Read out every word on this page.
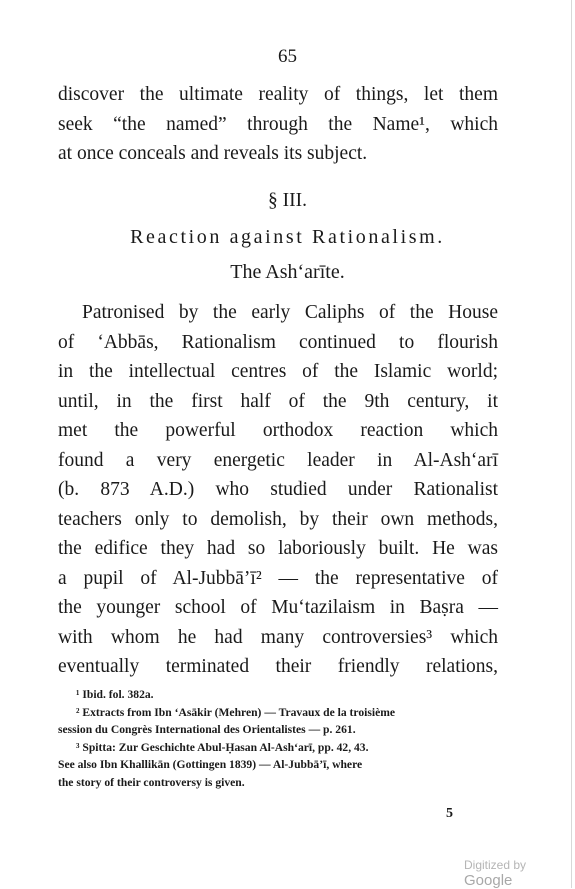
65

discover the ultimate reality of things, let them
seek “the named” through the Name¹, which
at once conceals and reveals its subject.

§ III.
Reaction against Rationalism.
The Ash‘arīte.

Patronised by the early Caliphs of the House
of ‘Abbās, Rationalism continued to flourish
in the intellectual centres of the Islamic world;
until, in the first half of the 9th century, it
met the powerful orthodox reaction which
found a very energetic leader in Al-Ash‘arī
(b. 873 A.D.) who studied under Rationalist
teachers only to demolish, by their own methods,
the edifice they had so laboriously built. He was
a pupil of Al-Jubbā’ī² — the representative of
the younger school of Mu‘tazilaism in Baṣra —
with whom he had many controversies³ which
eventually terminated their friendly relations,

¹ Ibid. fol. 382a.
² Extracts from Ibn ‘Asākir (Mehren) — Travaux de la troisième
session du Congrès International des Orientalistes — p. 261.
³ Spitta: Zur Geschichte Abul-Ḥasan Al-Ash‘arī, pp. 42, 43.
See also Ibn Khallikān (Gottingen 1839) — Al-Jubbā’ī, where
the story of their controversy is given.
5
Digitized by Google
